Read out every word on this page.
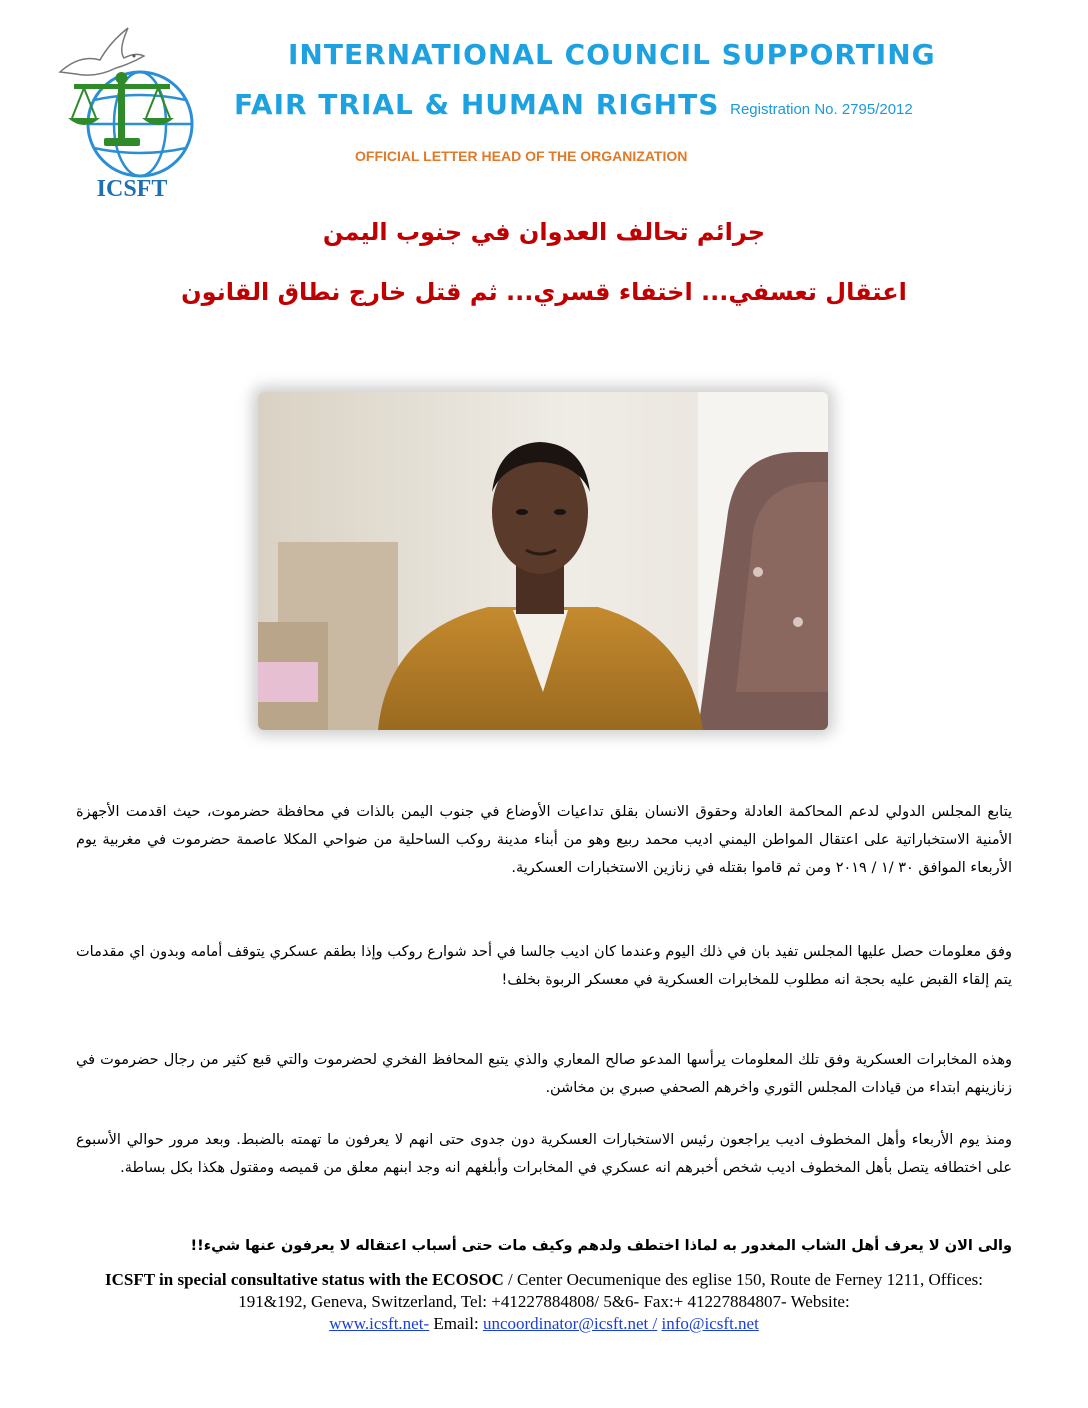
ICSFT
INTERNATIONAL COUNCIL SUPPORTING
FAIR TRIAL & HUMAN RIGHTS Registration No. 2795/2012
OFFICIAL LETTER HEAD OF THE ORGANIZATION
جرائم تحالف العدوان في جنوب اليمن
اعتقال تعسفي... اختفاء قسري... ثم قتل خارج نطاق القانون

يتابع المجلس الدولي لدعم المحاكمة العادلة وحقوق الانسان بقلق تداعيات الأوضاع في جنوب اليمن بالذات في محافظة حضرموت، حيث اقدمت الأجهزة الأمنية الاستخباراتية على اعتقال المواطن اليمني اديب محمد ربيع وهو من أبناء مدينة روكب الساحلية من ضواحي المكلا عاصمة حضرموت في مغربية يوم الأربعاء الموافق ٣٠ /١ / ٢٠١٩ ومن ثم قاموا بقتله في زنازين الاستخبارات العسكرية.

وفق معلومات حصل عليها المجلس تفيد بان في ذلك اليوم وعندما كان اديب جالسا في أحد شوارع روكب وإذا بطقم عسكري يتوقف أمامه وبدون اي مقدمات يتم إلقاء القبض عليه بحجة انه مطلوب للمخابرات العسكرية في معسكر الربوة بخلف!

وهذه المخابرات العسكرية وفق تلك المعلومات يرأسها المدعو صالح المعاري والذي يتبع المحافظ الفخري لحضرموت والتي قبع كثير من رجال حضرموت في زنازينهم ابتداء من قيادات المجلس الثوري واخرهم الصحفي صبري بن مخاشن.

ومنذ يوم الأربعاء وأهل المخطوف اديب يراجعون رئيس الاستخبارات العسكرية دون جدوى حتى انهم لا يعرفون ما تهمته بالضبط. وبعد مرور حوالي الأسبوع على اختطافه يتصل بأهل المخطوف اديب شخص أخبرهم انه عسكري في المخابرات وأبلغهم انه وجد ابنهم معلق من قميصه ومقتول هكذا بكل بساطة.

والى الان لا يعرف أهل الشاب المغدور به لماذا اختطف ولدهم وكيف مات حتى أسباب اعتقاله لا يعرفون عنها شيء!!

ICSFT in special consultative status with the ECOSOC / Center Oecumenique des eglise 150, Route de Ferney 1211, Offices: 191&192, Geneva, Switzerland, Tel: +41227884808/ 5&6- Fax:+ 41227884807- Website:
www.icsft.net- Email: uncoordinator@icsft.net / info@icsft.net
